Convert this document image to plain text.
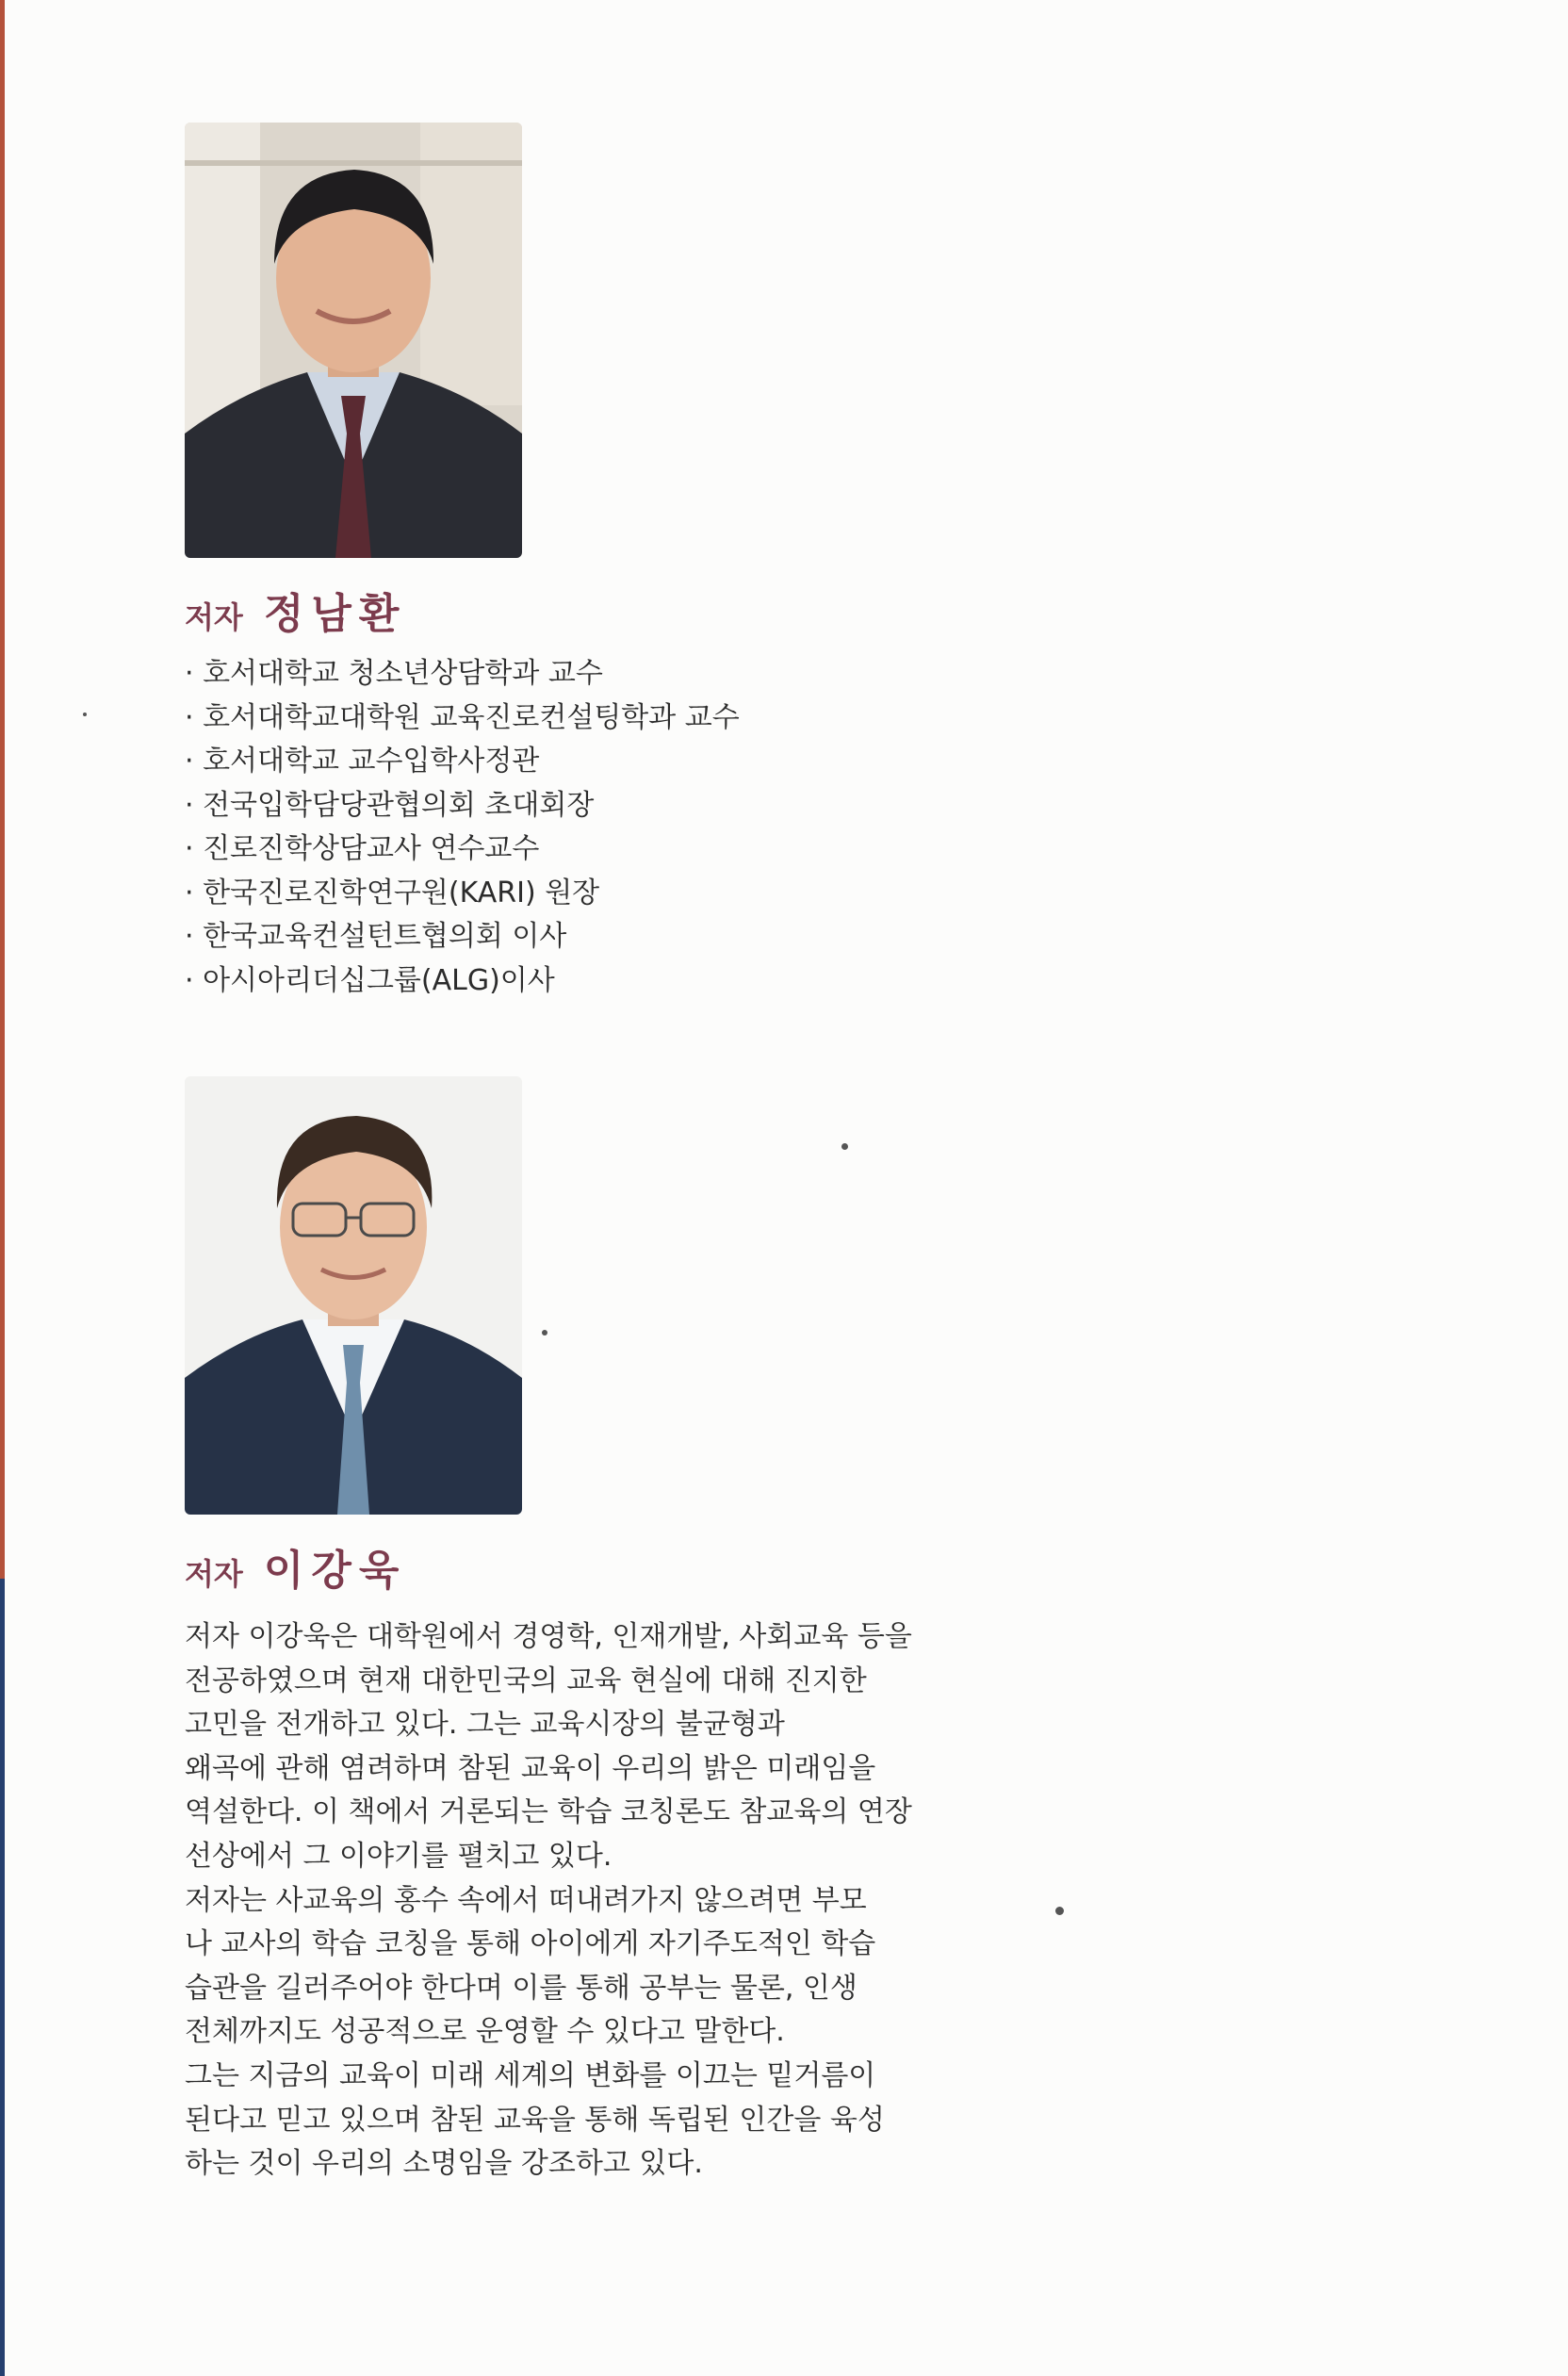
저자 정남환
· 호서대학교 청소년상담학과 교수
· 호서대학교대학원 교육진로컨설팅학과 교수
· 호서대학교 교수입학사정관
· 전국입학담당관협의회 초대회장
· 진로진학상담교사 연수교수
· 한국진로진학연구원(KARI) 원장
· 한국교육컨설턴트협의회 이사
· 아시아리더십그룹(ALG)이사
저자 이강욱
저자 이강욱은 대학원에서 경영학, 인재개발, 사회교육 등을
전공하였으며 현재 대한민국의 교육 현실에 대해 진지한
고민을 전개하고 있다. 그는 교육시장의 불균형과
왜곡에 관해 염려하며 참된 교육이 우리의 밝은 미래임을
역설한다. 이 책에서 거론되는 학습 코칭론도 참교육의 연장
선상에서 그 이야기를 펼치고 있다.
저자는 사교육의 홍수 속에서 떠내려가지 않으려면 부모
나 교사의 학습 코칭을 통해 아이에게 자기주도적인 학습
습관을 길러주어야 한다며 이를 통해 공부는 물론, 인생
전체까지도 성공적으로 운영할 수 있다고 말한다.
그는 지금의 교육이 미래 세계의 변화를 이끄는 밑거름이
된다고 믿고 있으며 참된 교육을 통해 독립된 인간을 육성
하는 것이 우리의 소명임을 강조하고 있다.
